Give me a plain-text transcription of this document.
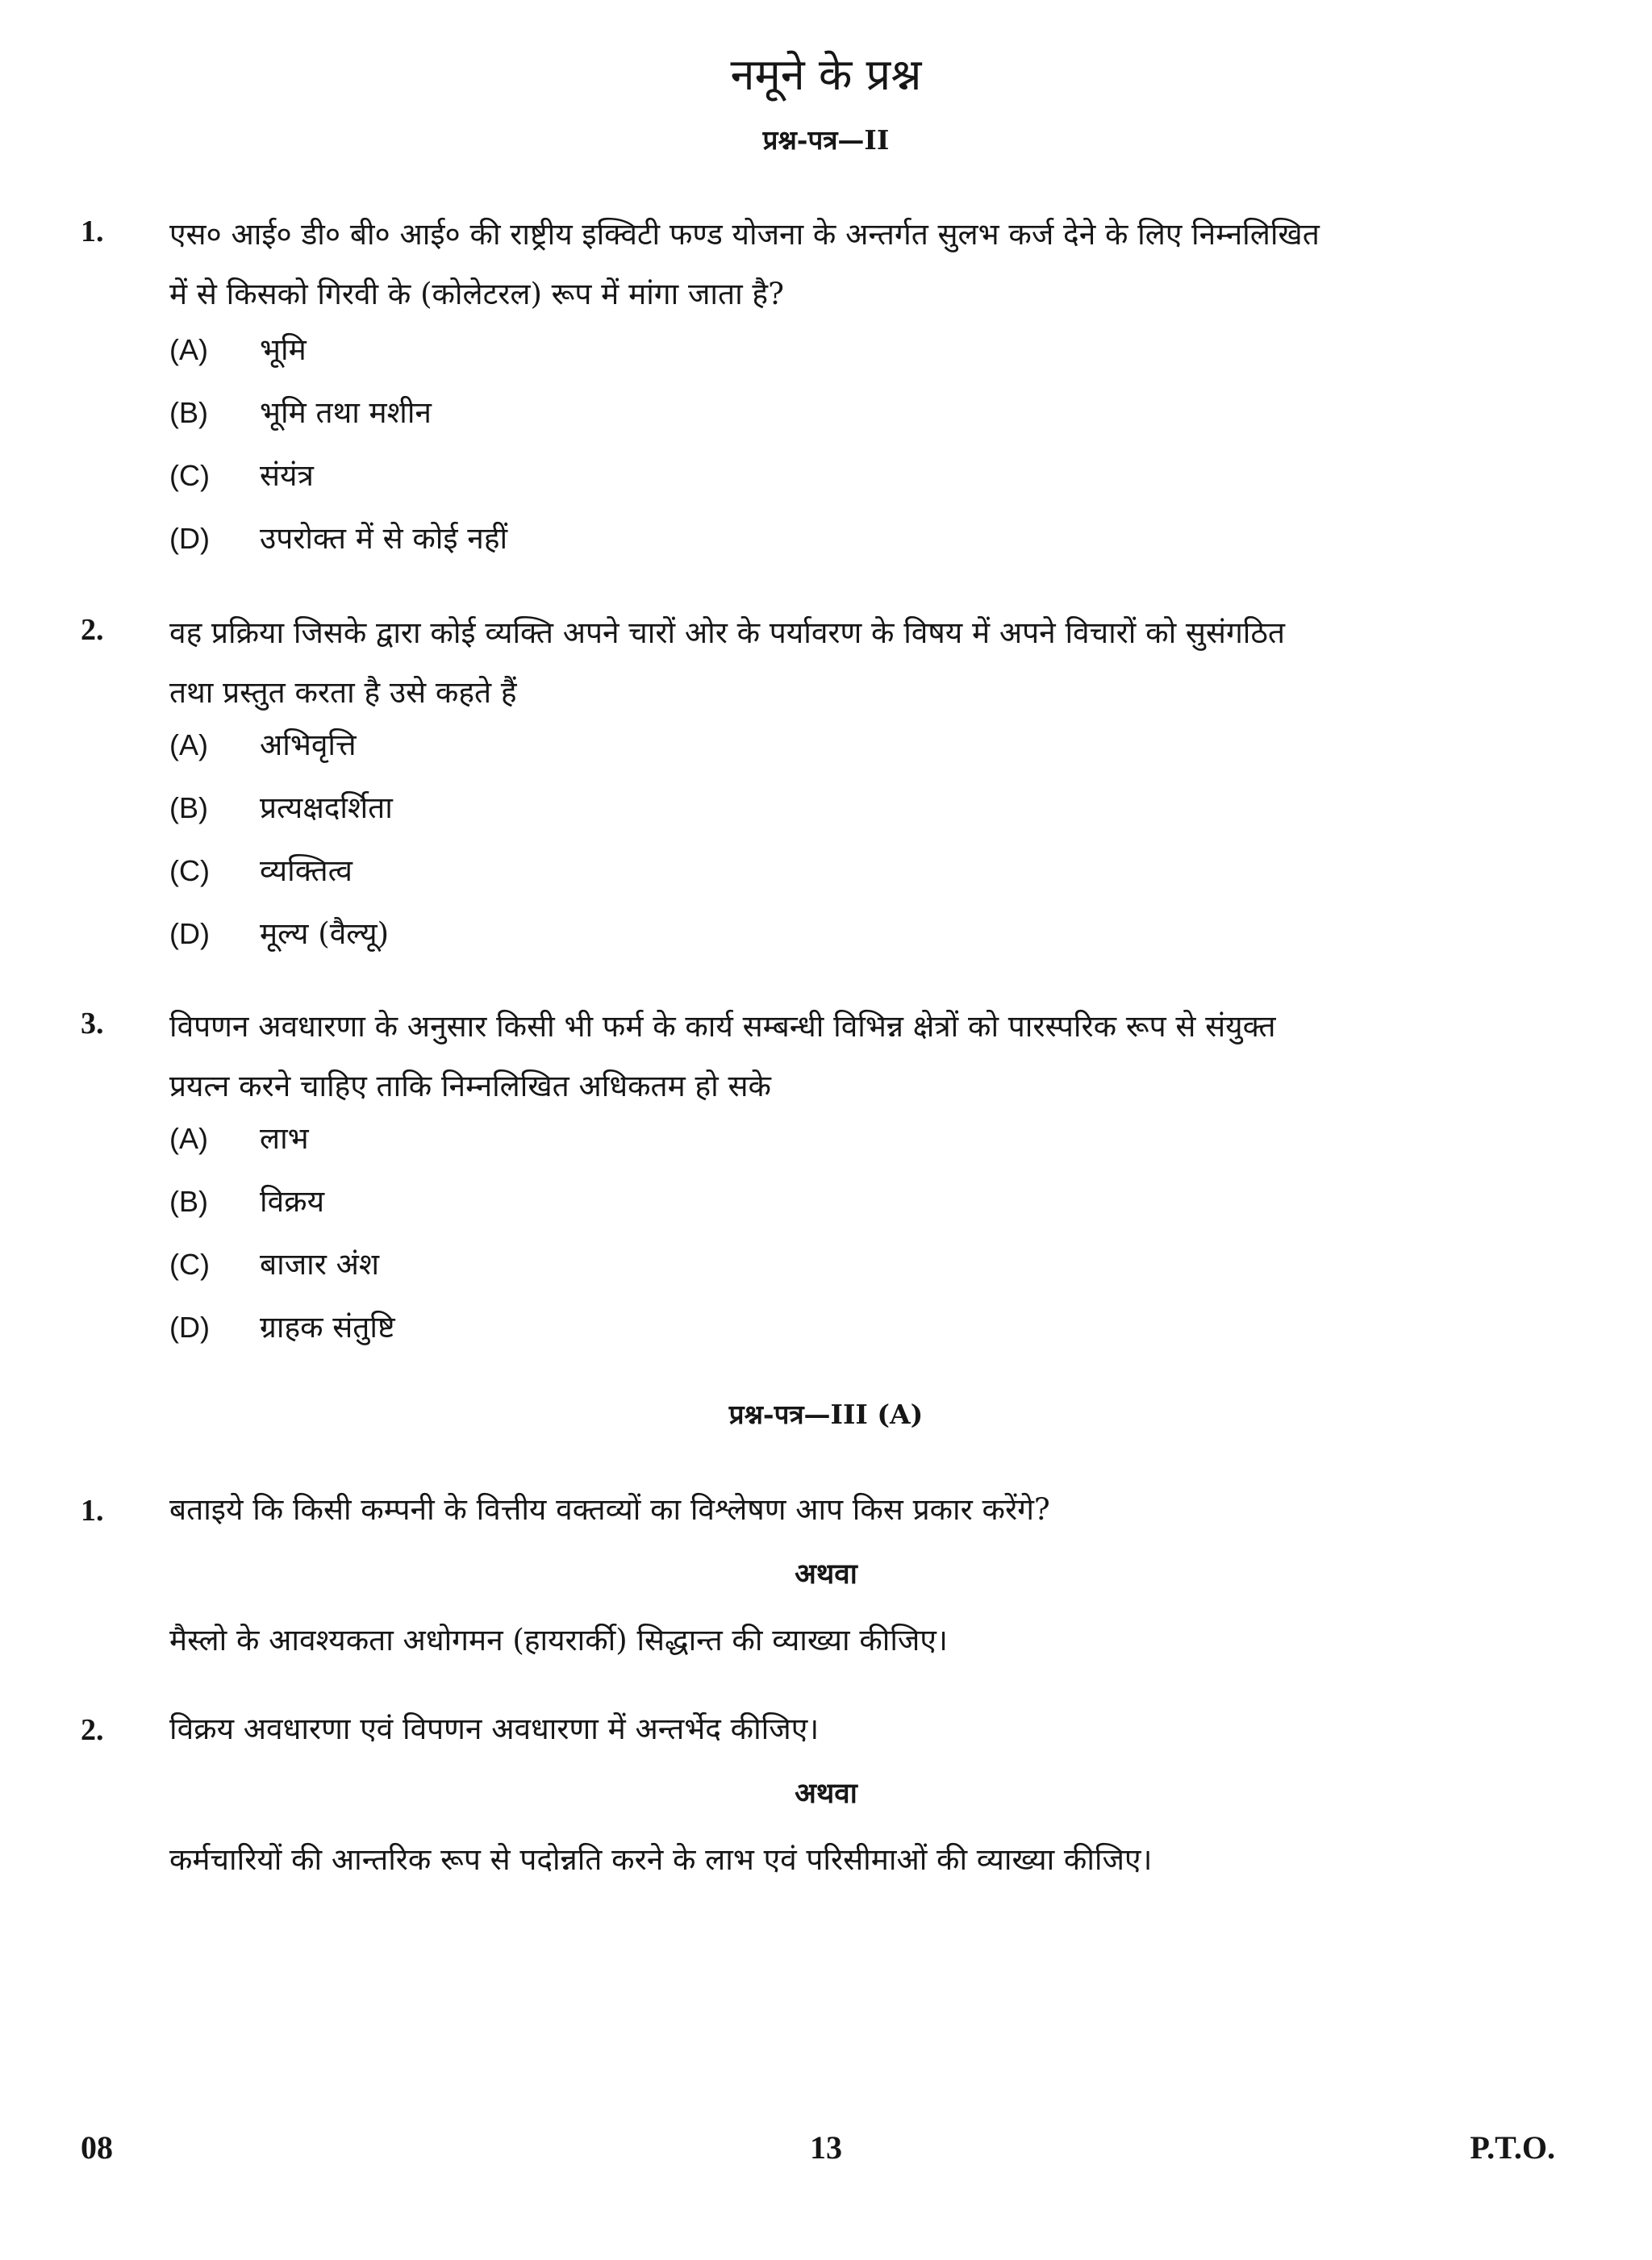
नमूने के प्रश्न
प्रश्न-पत्र—II
1. एस० आई० डी० बी० आई० की राष्ट्रीय इक्विटी फण्ड योजना के अन्तर्गत सुलभ कर्ज देने के लिए निम्नलिखित
में से किसको गिरवी के (कोलेटरल) रूप में मांगा जाता है?
(A) भूमि
(B) भूमि तथा मशीन
(C) संयंत्र
(D) उपरोक्त में से कोई नहीं
2. वह प्रक्रिया जिसके द्वारा कोई व्यक्ति अपने चारों ओर के पर्यावरण के विषय में अपने विचारों को सुसंगठित
तथा प्रस्तुत करता है उसे कहते हैं
(A) अभिवृत्ति
(B) प्रत्यक्षदर्शिता
(C) व्यक्तित्व
(D) मूल्य (वैल्यू)
3. विपणन अवधारणा के अनुसार किसी भी फर्म के कार्य सम्बन्धी विभिन्न क्षेत्रों को पारस्परिक रूप से संयुक्त
प्रयत्न करने चाहिए ताकि निम्नलिखित अधिकतम हो सके
(A) लाभ
(B) विक्रय
(C) बाजार अंश
(D) ग्राहक संतुष्टि
प्रश्न-पत्र—III (A)
1. बताइये कि किसी कम्पनी के वित्तीय वक्तव्यों का विश्लेषण आप किस प्रकार करेंगे?
अथवा
मैस्लो के आवश्यकता अधोगमन (हायरार्की) सिद्धान्त की व्याख्या कीजिए।
2. विक्रय अवधारणा एवं विपणन अवधारणा में अन्तर्भेद कीजिए।
अथवा
कर्मचारियों की आन्तरिक रूप से पदोन्नति करने के लाभ एवं परिसीमाओं की व्याख्या कीजिए।
08	13	P.T.O.
